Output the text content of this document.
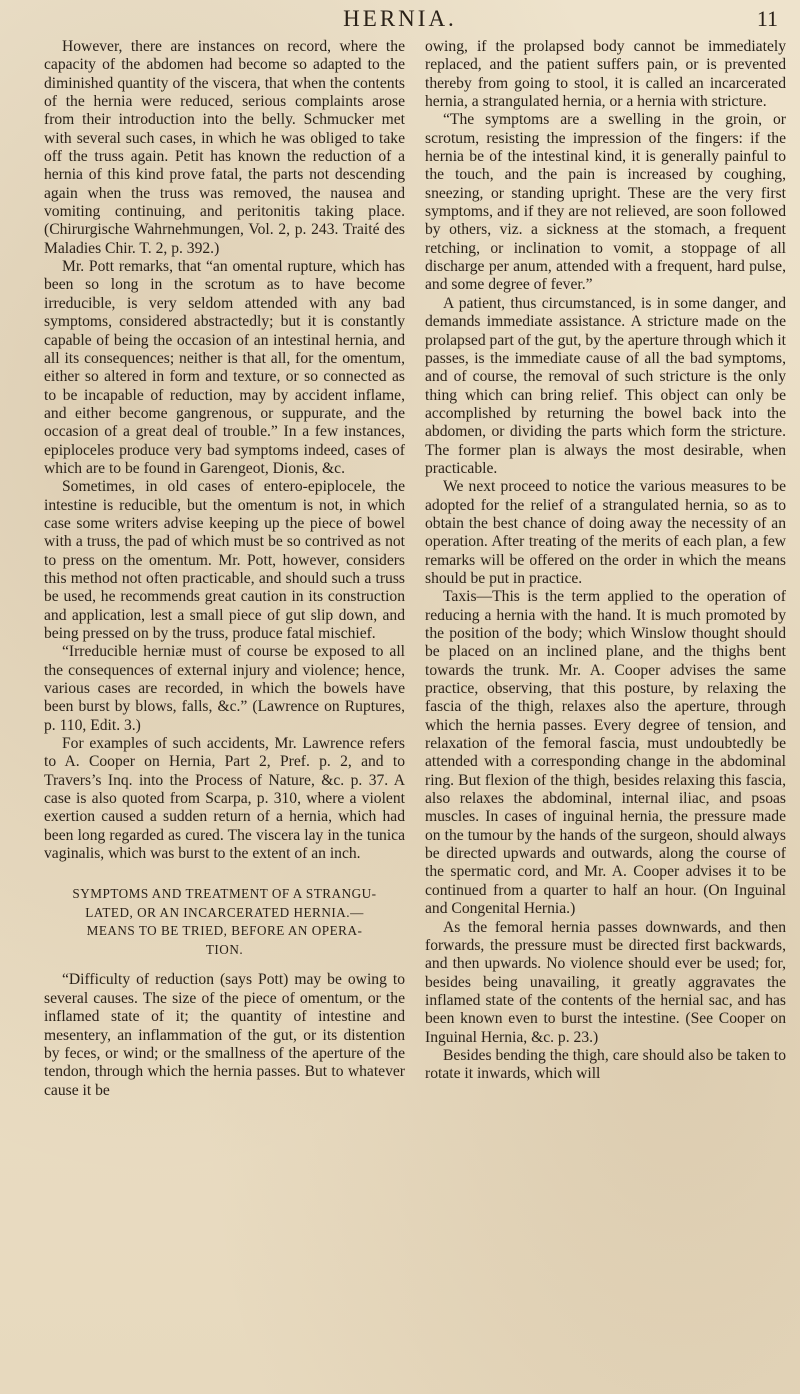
HERNIA.	11

However, there are instances on record, where the capacity of the abdomen had become so adapted to the diminished quantity of the viscera, that when the contents of the hernia were reduced, serious complaints arose from their introduction into the belly. Schmucker met with several such cases, in which he was obliged to take off the truss again. Petit has known the reduction of a hernia of this kind prove fatal, the parts not descending again when the truss was removed, the nausea and vomiting continuing, and peritonitis taking place. (Chirurgische Wahrnehmungen, Vol. 2, p. 243. Traité des Maladies Chir. T. 2, p. 392.)

Mr. Pott remarks, that “an omental rupture, which has been so long in the scrotum as to have become irreducible, is very seldom attended with any bad symptoms, considered abstractedly; but it is constantly capable of being the occasion of an intestinal hernia, and all its consequences; neither is that all, for the omentum, either so altered in form and texture, or so connected as to be incapable of reduction, may by accident inflame, and either become gangrenous, or suppurate, and the occasion of a great deal of trouble.” In a few instances, epiploceles produce very bad symptoms indeed, cases of which are to be found in Garengeot, Dionis, &c.

Sometimes, in old cases of entero-epiplocele, the intestine is reducible, but the omentum is not, in which case some writers advise keeping up the piece of bowel with a truss, the pad of which must be so contrived as not to press on the omentum. Mr. Pott, however, considers this method not often practicable, and should such a truss be used, he recommends great caution in its construction and application, lest a small piece of gut slip down, and being pressed on by the truss, produce fatal mischief.

“Irreducible herniæ must of course be exposed to all the consequences of external injury and violence; hence, various cases are recorded, in which the bowels have been burst by blows, falls, &c.” (Lawrence on Ruptures, p. 110, Edit. 3.)

For examples of such accidents, Mr. Lawrence refers to A. Cooper on Hernia, Part 2, Pref. p. 2, and to Travers’s Inq. into the Process of Nature, &c. p. 37. A case is also quoted from Scarpa, p. 310, where a violent exertion caused a sudden return of a hernia, which had been long regarded as cured. The viscera lay in the tunica vaginalis, which was burst to the extent of an inch.

SYMPTOMS AND TREATMENT OF A STRANGU-
LATED, OR AN INCARCERATED HERNIA.—
MEANS TO BE TRIED, BEFORE AN OPERA-
TION.

“Difficulty of reduction (says Pott) may be owing to several causes. The size of the piece of omentum, or the inflamed state of it; the quantity of intestine and mesentery, an inflammation of the gut, or its distention by feces, or wind; or the smallness of the aperture of the tendon, through which the hernia passes. But to whatever cause it be

owing, if the prolapsed body cannot be immediately replaced, and the patient suffers pain, or is prevented thereby from going to stool, it is called an incarcerated hernia, a strangulated hernia, or a hernia with stricture.

“The symptoms are a swelling in the groin, or scrotum, resisting the impression of the fingers: if the hernia be of the intestinal kind, it is generally painful to the touch, and the pain is increased by coughing, sneezing, or standing upright. These are the very first symptoms, and if they are not relieved, are soon followed by others, viz. a sickness at the stomach, a frequent retching, or inclination to vomit, a stoppage of all discharge per anum, attended with a frequent, hard pulse, and some degree of fever.”

A patient, thus circumstanced, is in some danger, and demands immediate assistance. A stricture made on the prolapsed part of the gut, by the aperture through which it passes, is the immediate cause of all the bad symptoms, and of course, the removal of such stricture is the only thing which can bring relief. This object can only be accomplished by returning the bowel back into the abdomen, or dividing the parts which form the stricture. The former plan is always the most desirable, when practicable.

We next proceed to notice the various measures to be adopted for the relief of a strangulated hernia, so as to obtain the best chance of doing away the necessity of an operation. After treating of the merits of each plan, a few remarks will be offered on the order in which the means should be put in practice.

Taxis—This is the term applied to the operation of reducing a hernia with the hand. It is much promoted by the position of the body; which Winslow thought should be placed on an inclined plane, and the thighs bent towards the trunk. Mr. A. Cooper advises the same practice, observing, that this posture, by relaxing the fascia of the thigh, relaxes also the aperture, through which the hernia passes. Every degree of tension, and relaxation of the femoral fascia, must undoubtedly be attended with a corresponding change in the abdominal ring. But flexion of the thigh, besides relaxing this fascia, also relaxes the abdominal, internal iliac, and psoas muscles. In cases of inguinal hernia, the pressure made on the tumour by the hands of the surgeon, should always be directed upwards and outwards, along the course of the spermatic cord, and Mr. A. Cooper advises it to be continued from a quarter to half an hour. (On Inguinal and Congenital Hernia.)

As the femoral hernia passes downwards, and then forwards, the pressure must be directed first backwards, and then upwards. No violence should ever be used; for, besides being unavailing, it greatly aggravates the inflamed state of the contents of the hernial sac, and has been known even to burst the intestine. (See Cooper on Inguinal Hernia, &c. p. 23.)

Besides bending the thigh, care should also be taken to rotate it inwards, which will
